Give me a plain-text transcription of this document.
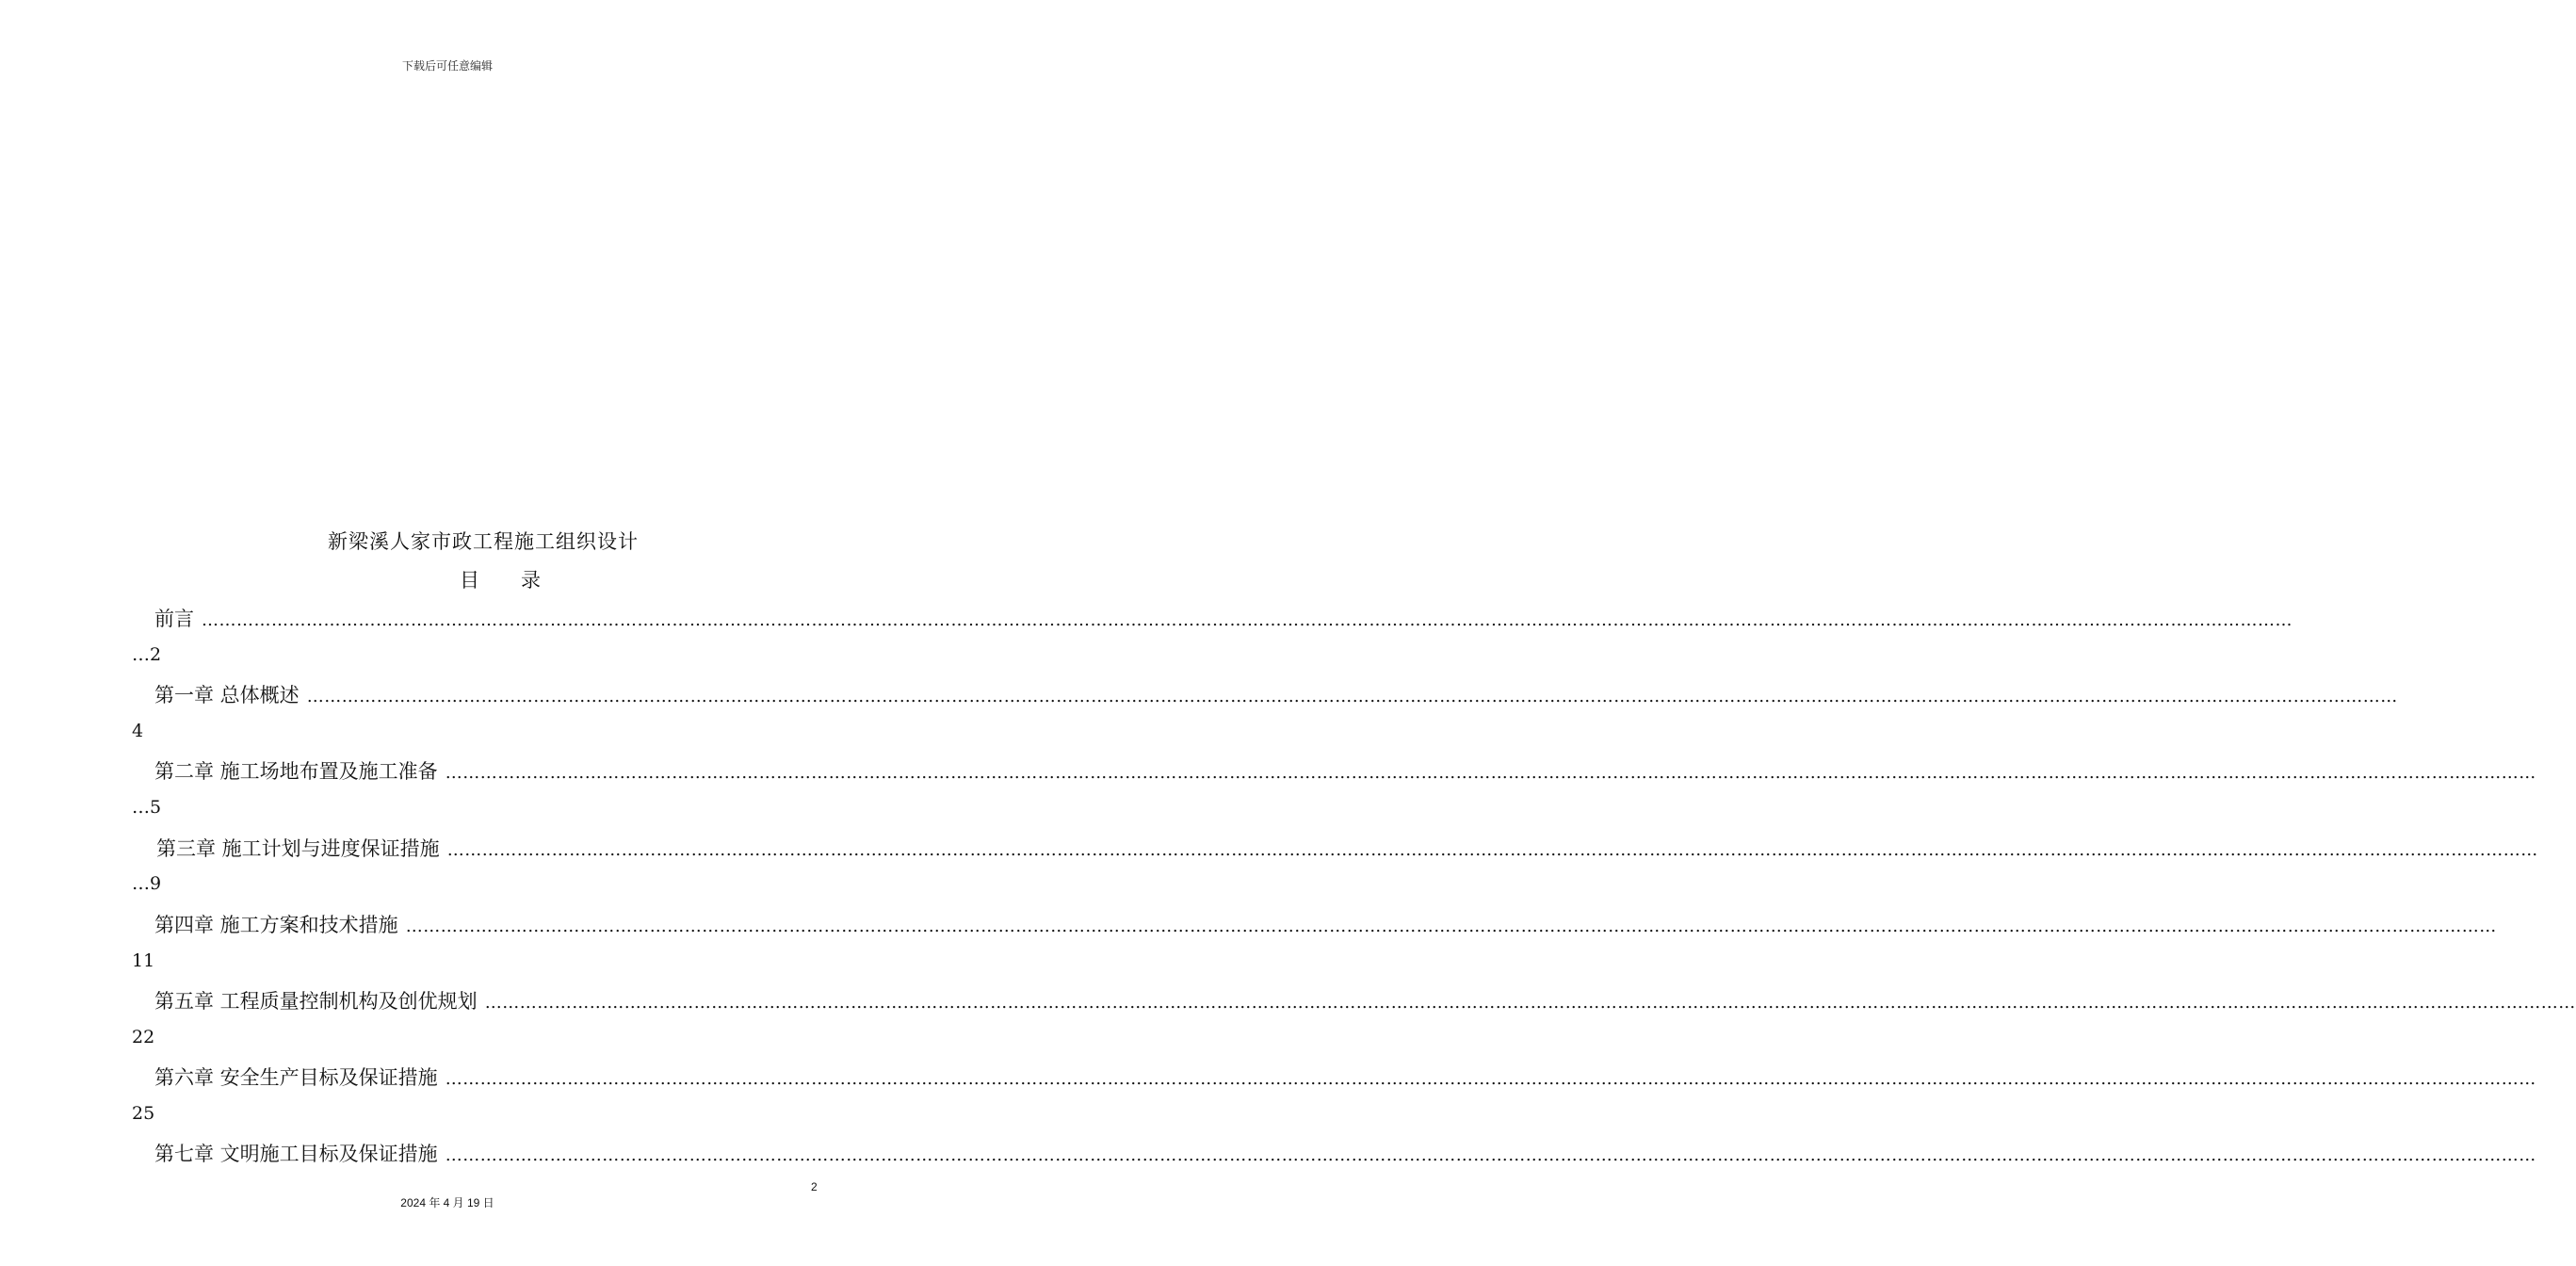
下载后可任意编辑
新梁溪人家市政工程施工组织设计
目 录
前言 ………………………………………………………………………………………………………………………………………………………………………………………………………………………………………………………………………………………………………………………………
…2
第一章 总体概述 ………………………………………………………………………………………………………………………………………………………………………………………………………………………………………………………………………………………………………………………………
4
第二章 施工场地布置及施工准备 ………………………………………………………………………………………………………………………………………………………………………………………………………………………………………………………………………………………………………………………………
…5
第三章 施工计划与进度保证措施 ………………………………………………………………………………………………………………………………………………………………………………………………………………………………………………………………………………………………………………………………
…9
第四章 施工方案和技术措施 ………………………………………………………………………………………………………………………………………………………………………………………………………………………………………………………………………………………………………………………………
11
第五章 工程质量控制机构及创优规划 ………………………………………………………………………………………………………………………………………………………………………………………………………………………………………………………………………………………………………………………………
22
第六章 安全生产目标及保证措施 ………………………………………………………………………………………………………………………………………………………………………………………………………………………………………………………………………………………………………………………………
25
第七章 文明施工目标及保证措施 ………………………………………………………………………………………………………………………………………………………………………………………………………………………………………………………………………………………………………………………………
2
2024 年 4 月 19 日
